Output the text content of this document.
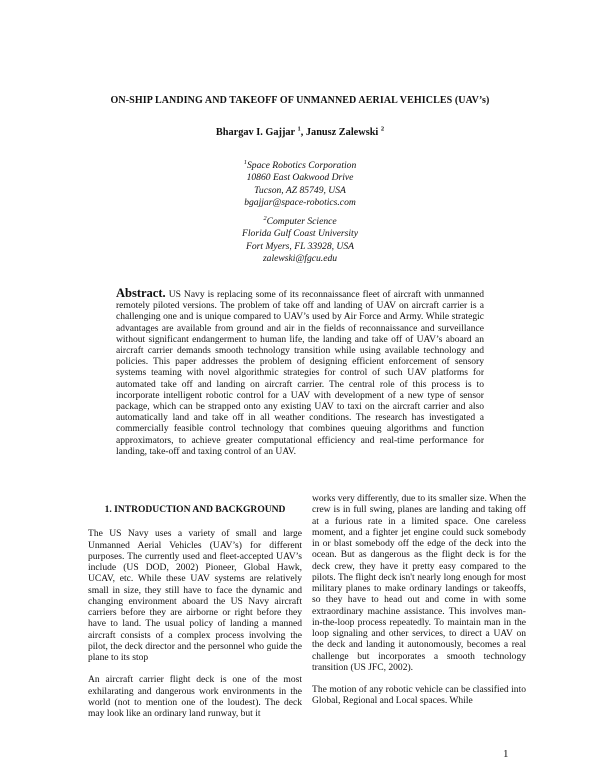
ON-SHIP LANDING AND TAKEOFF OF UNMANNED AERIAL VEHICLES (UAV’s)
Bhargav I. Gajjar $^1$, Janusz Zalewski $^2$
$^1$Space Robotics Corporation
10860 East Oakwood Drive
Tucson, AZ 85749, USA
bgajjar@space-robotics.com
$^2$Computer Science
Florida Gulf Coast University
Fort Myers, FL 33928, USA
zalewski@fgcu.edu
Abstract. US Navy is replacing some of its reconnaissance fleet of aircraft with unmanned remotely piloted versions. The problem of take off and landing of UAV on aircraft carrier is a challenging one and is unique compared to UAV’s used by Air Force and Army. While strategic advantages are available from ground and air in the fields of reconnaissance and surveillance without significant endangerment to human life, the landing and take off of UAV’s aboard an aircraft carrier demands smooth technology transition while using available technology and policies. This paper addresses the problem of designing efficient enforcement of sensory systems teaming with novel algorithmic strategies for control of such UAV platforms for automated take off and landing on aircraft carrier. The central role of this process is to incorporate intelligent robotic control for a UAV with development of a new type of sensor package, which can be strapped onto any existing UAV to taxi on the aircraft carrier and also automatically land and take off in all weather conditions. The research has investigated a commercially feasible control technology that combines queuing algorithms and function approximators, to achieve greater computational efficiency and real-time performance for landing, take-off and taxing control of an UAV.
1. INTRODUCTION AND BACKGROUND

The US Navy uses a variety of small and large Unmanned Aerial Vehicles (UAV’s) for different purposes. The currently used and fleet-accepted UAV’s include (US DOD, 2002) Pioneer, Global Hawk, UCAV, etc. While these UAV systems are relatively small in size, they still have to face the dynamic and changing environment aboard the US Navy aircraft carriers before they are airborne or right before they have to land. The usual policy of landing a manned aircraft consists of a complex process involving the pilot, the deck director and the personnel who guide the plane to its stop

An aircraft carrier flight deck is one of the most exhilarating and dangerous work environments in the world (not to mention one of the loudest). The deck may look like an ordinary land runway, but it

works very differently, due to its smaller size. When the crew is in full swing, planes are landing and taking off at a furious rate in a limited space. One careless moment, and a fighter jet engine could suck somebody in or blast somebody off the edge of the deck into the ocean. But as dangerous as the flight deck is for the deck crew, they have it pretty easy compared to the pilots. The flight deck isn't nearly long enough for most military planes to make ordinary landings or takeoffs, so they have to head out and come in with some extraordinary machine assistance. This involves man-in-the-loop process repeatedly. To maintain man in the loop signaling and other services, to direct a UAV on the deck and landing it autonomously, becomes a real challenge but incorporates a smooth technology transition (US JFC, 2002).

The motion of any robotic vehicle can be classified into Global, Regional and Local spaces. While

1
